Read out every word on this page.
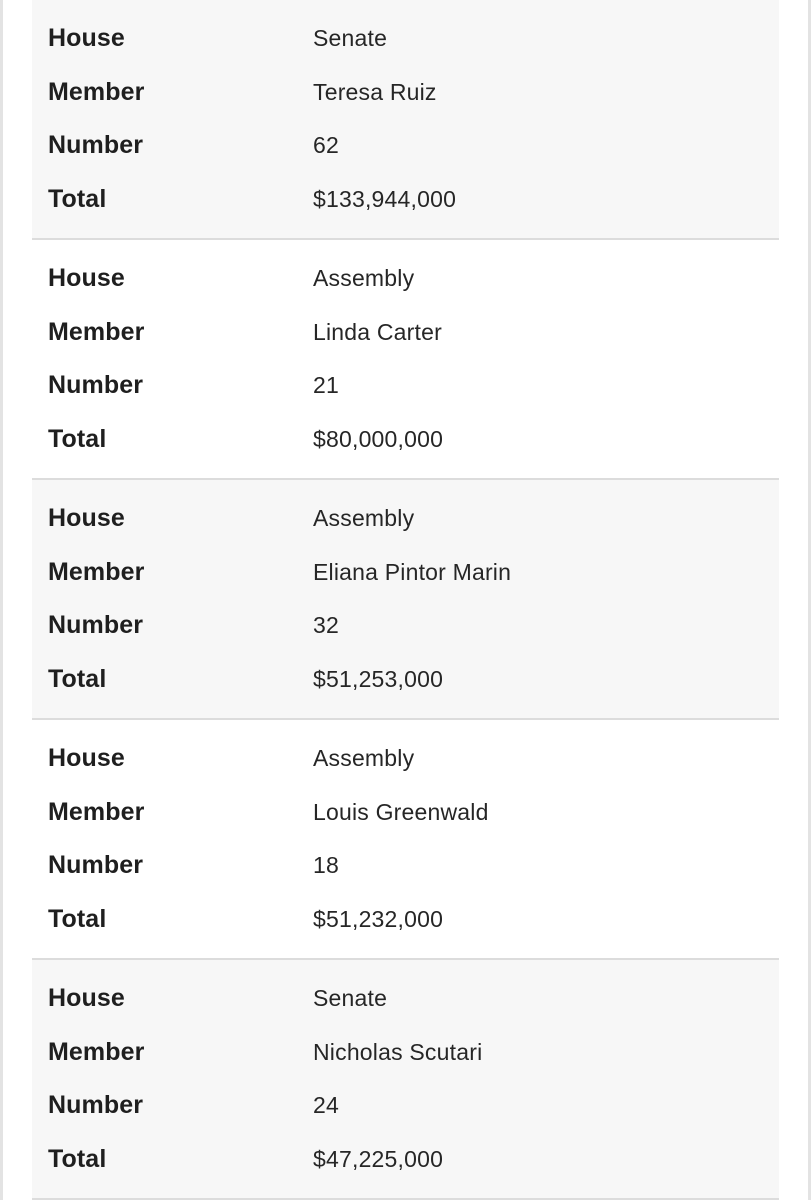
House	Senate
Member	Teresa Ruiz
Number	62
Total	$133,944,000
House	Assembly
Member	Linda Carter
Number	21
Total	$80,000,000
House	Assembly
Member	Eliana Pintor Marin
Number	32
Total	$51,253,000
House	Assembly
Member	Louis Greenwald
Number	18
Total	$51,232,000
House	Senate
Member	Nicholas Scutari
Number	24
Total	$47,225,000
